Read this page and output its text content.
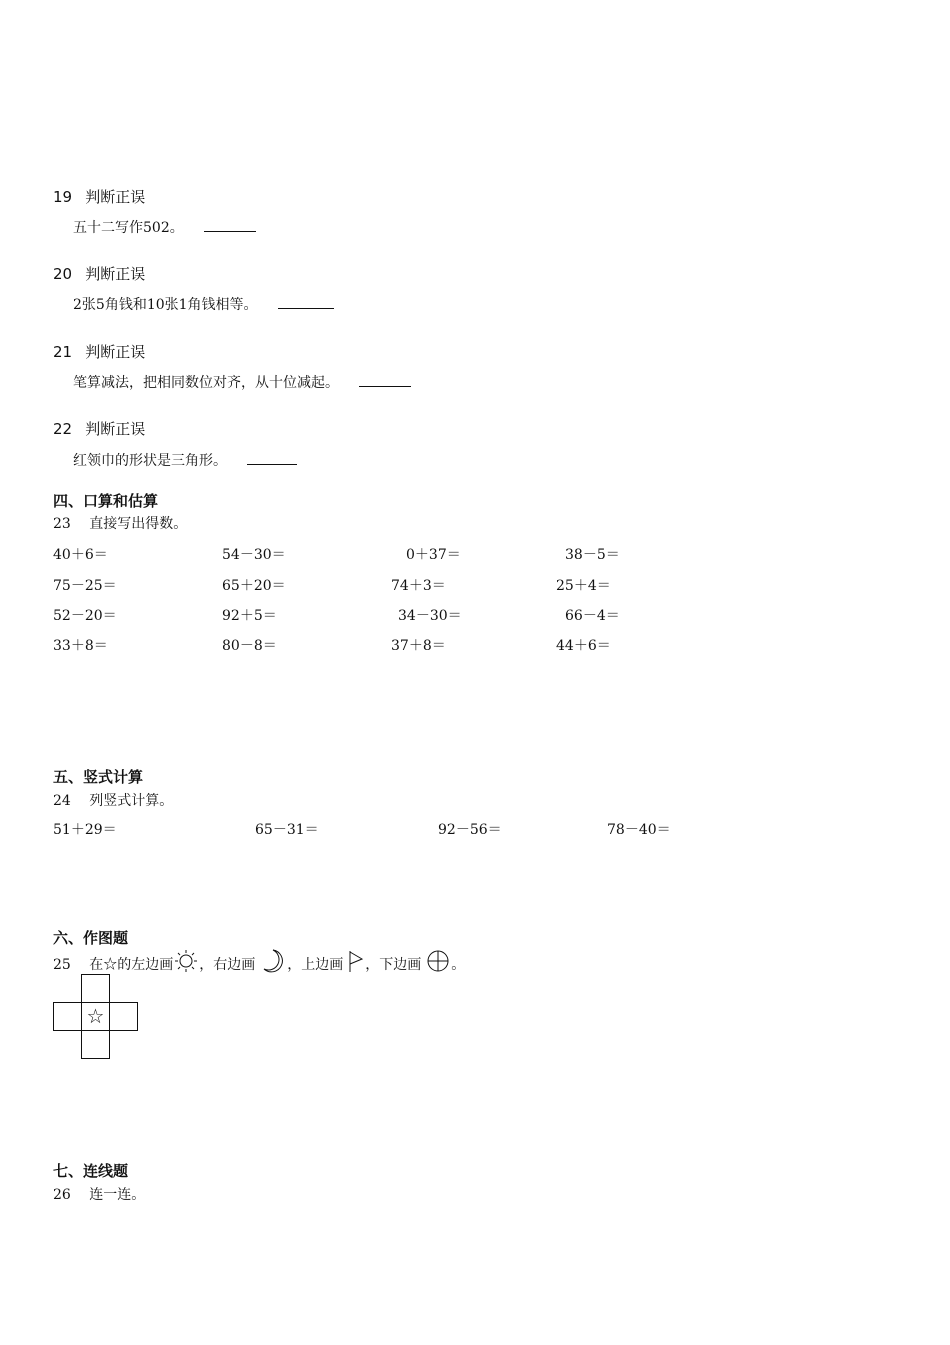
19 判断正误
五十二写作502。
20 判断正误
2张5角钱和10张1角钱相等。
21 判断正误
笔算减法，把相同数位对齐，从十位减起。
22 判断正误
红领巾的形状是三角形。
四、口算和估算
23 直接写出得数。
40＋6＝	54－30＝	0＋37＝	38－5＝
75－25＝	65＋20＝	74＋3＝	25＋4＝
52－20＝	92＋5＝	34－30＝	66－4＝
33＋8＝	80－8＝	37＋8＝	44＋6＝
五、竖式计算
24 列竖式计算。
51＋29＝	65－31＝	92－56＝	78－40＝
六、作图题
25 在☆的左边画 ，右边画 ，上边画 ，下边画 。
☆
七、连线题
26 连一连。
